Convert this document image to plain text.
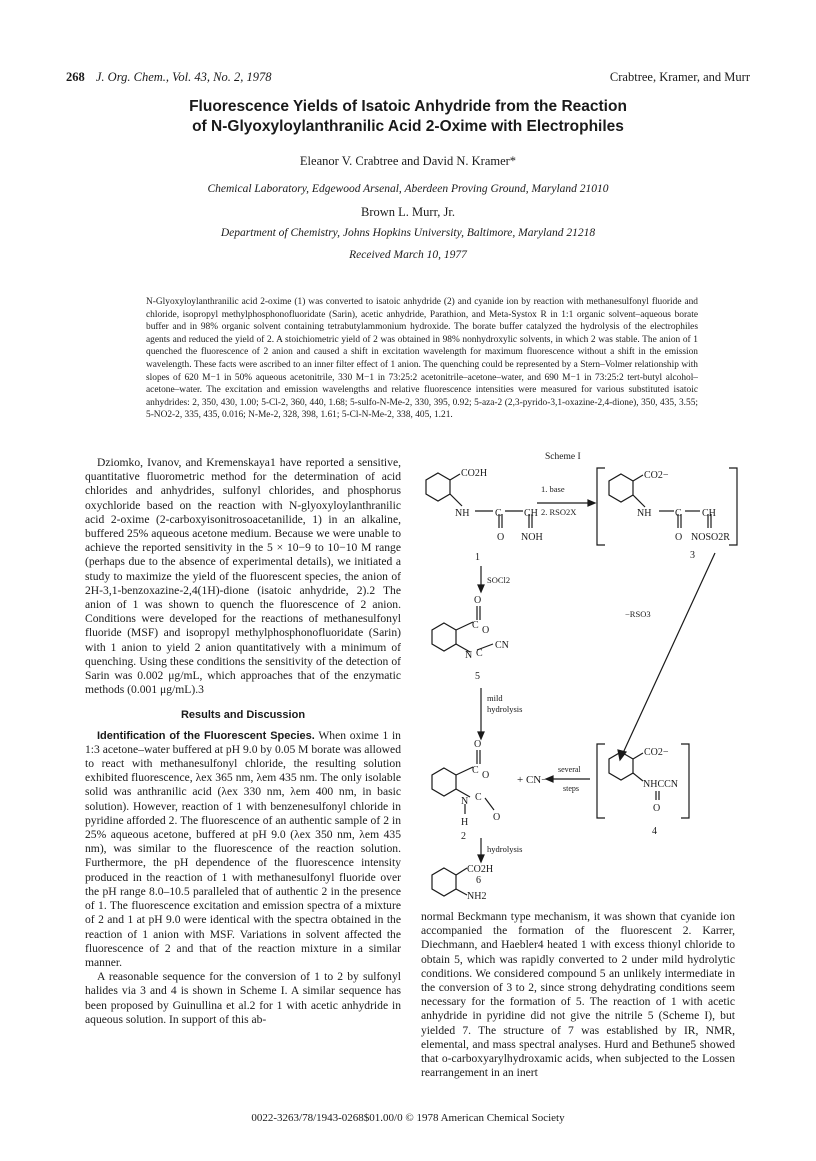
268 J. Org. Chem., Vol. 43, No. 2, 1978	Crabtree, Kramer, and Murr
Fluorescence Yields of Isatoic Anhydride from the Reaction
of N-Glyoxyloylanthranilic Acid 2-Oxime with Electrophiles
Eleanor V. Crabtree and David N. Kramer*
Chemical Laboratory, Edgewood Arsenal, Aberdeen Proving Ground, Maryland 21010
Brown L. Murr, Jr.
Department of Chemistry, Johns Hopkins University, Baltimore, Maryland 21218
Received March 10, 1977
N-Glyoxyloylanthranilic acid 2-oxime (1) was converted to isatoic anhydride (2) and cyanide ion by reaction with methanesulfonyl fluoride and chloride, isopropyl methylphosphonofluoridate (Sarin), acetic anhydride, Parathion, and Meta-Systox R in 1:1 organic solvent–aqueous borate buffer and in 98% organic solvent containing tetrabutylammonium hydroxide. The borate buffer catalyzed the hydrolysis of the electrophiles agents and reduced the yield of 2. A stoichiometric yield of 2 was obtained in 98% nonhydroxylic solvents, in which 2 was stable. The anion of 1 quenched the fluorescence of 2 anion and caused a shift in excitation wavelength for maximum fluorescence without a shift in the emission wavelength. These facts were ascribed to an inner filter effect of 1 anion. The quenching could be represented by a Stern–Volmer relationship with slopes of 620 M−1 in 50% aqueous acetonitrile, 330 M−1 in 73:25:2 acetonitrile–acetone–water, and 690 M−1 in 73:25:2 tert-butyl alcohol–acetone–water. The excitation and emission wavelengths and relative fluorescence intensities were measured for various substituted isatoic anhydrides: 2, 350, 430, 1.00; 5-Cl-2, 360, 440, 1.68; 5-sulfo-N-Me-2, 330, 395, 0.92; 5-aza-2 (2,3-pyrido-3,1-oxazine-2,4-dione), 350, 435, 3.55; 5-NO2-2, 335, 435, 0.016; N-Me-2, 328, 398, 1.61; 5-Cl-N-Me-2, 338, 405, 1.21.

Dziomko, Ivanov, and Kremenskaya1 have reported a sensitive, quantitative fluorometric method for the determination of acid chlorides and anhydrides, sulfonyl chlorides, and phosphorus oxychloride based on the reaction with N-glyoxyloylanthranilic acid 2-oxime (2-carboxyisonitrosoacetanilide, 1) in an alkaline, buffered 25% aqueous acetone medium. Because we were unable to achieve the reported sensitivity in the 5 × 10−9 to 10−10 M range (perhaps due to the absence of experimental details), we initiated a study to maximize the yield of the fluorescent species, the anion of 2H-3,1-benzoxazine-2,4(1H)-dione (isatoic anhydride, 2).2 The anion of 1 was shown to quench the fluorescence of 2 anion. Conditions were developed for the reactions of methanesulfonyl fluoride (MSF) and isopropyl methylphosphonofluoridate (Sarin) with 1 anion to yield 2 anion quantitatively with a minimum of quenching. Using these conditions the sensitivity of the detection of Sarin was 0.002 μg/mL, which approaches that of the enzymatic methods (0.001 μg/mL).3

Results and Discussion

Identification of the Fluorescent Species. When oxime 1 in 1:3 acetone–water buffered at pH 9.0 by 0.05 M borate was allowed to react with methanesulfonyl chloride, the resulting solution exhibited fluorescence, λex 365 nm, λem 435 nm. The only isolable solid was anthranilic acid (λex 330 nm, λem 400 nm, in basic solution). However, reaction of 1 with benzenesulfonyl chloride in pyridine afforded 2. The fluorescence of an authentic sample of 2 in 25% aqueous acetone, buffered at pH 9.0 (λex 350 nm, λem 435 nm), was similar to the fluorescence of the reaction solution. Furthermore, the pH dependence of the fluorescence intensity produced in the reaction of 1 with methanesulfonyl fluoride over the pH range 8.0–10.5 paralleled that of authentic 2 in the presence of 1. The fluorescence excitation and emission spectra of a mixture of 2 and 1 at pH 9.0 were identical with the spectra obtained in the reaction of 1 anion with MSF. Variations in solvent affected the fluorescence of 2 and that of the reaction mixture in a similar manner.

A reasonable sequence for the conversion of 1 to 2 by sulfonyl halides via 3 and 4 is shown in Scheme I. A similar sequence has been proposed by Guinullina et al.2 for 1 with acetic anhydride in aqueous solution. In support of this ab-

Scheme I
CO2H
NH	C CH
O NOH
1
1. base
2. RSO2X
CO2−
NH C CH
O NOSO2R
3
SOCl2
O
C O
N C
CN
5
mild
hydrolysis
−RSO3
O
C O
N C
O
H
2
+ CN−
several
steps
CO2−
NHCCN
O
4
hydrolysis
CO2H
NH2
6

normal Beckmann type mechanism, it was shown that cyanide ion accompanied the formation of the fluorescent 2. Karrer, Diechmann, and Haebler4 heated 1 with excess thionyl chloride to obtain 5, which was rapidly converted to 2 under mild hydrolytic conditions. We considered compound 5 an unlikely intermediate in the conversion of 3 to 2, since strong dehydrating conditions seem necessary for the formation of 5. The reaction of 1 with acetic anhydride in pyridine did not give the nitrile 5 (Scheme I), but yielded 7. The structure of 7 was established by IR, NMR, elemental, and mass spectral analyses. Hurd and Bethune5 showed that o-carboxyarylhydroxamic acids, when subjected to the Lossen rearrangement in an inert

0022-3263/78/1943-0268$01.00/0 © 1978 American Chemical Society
